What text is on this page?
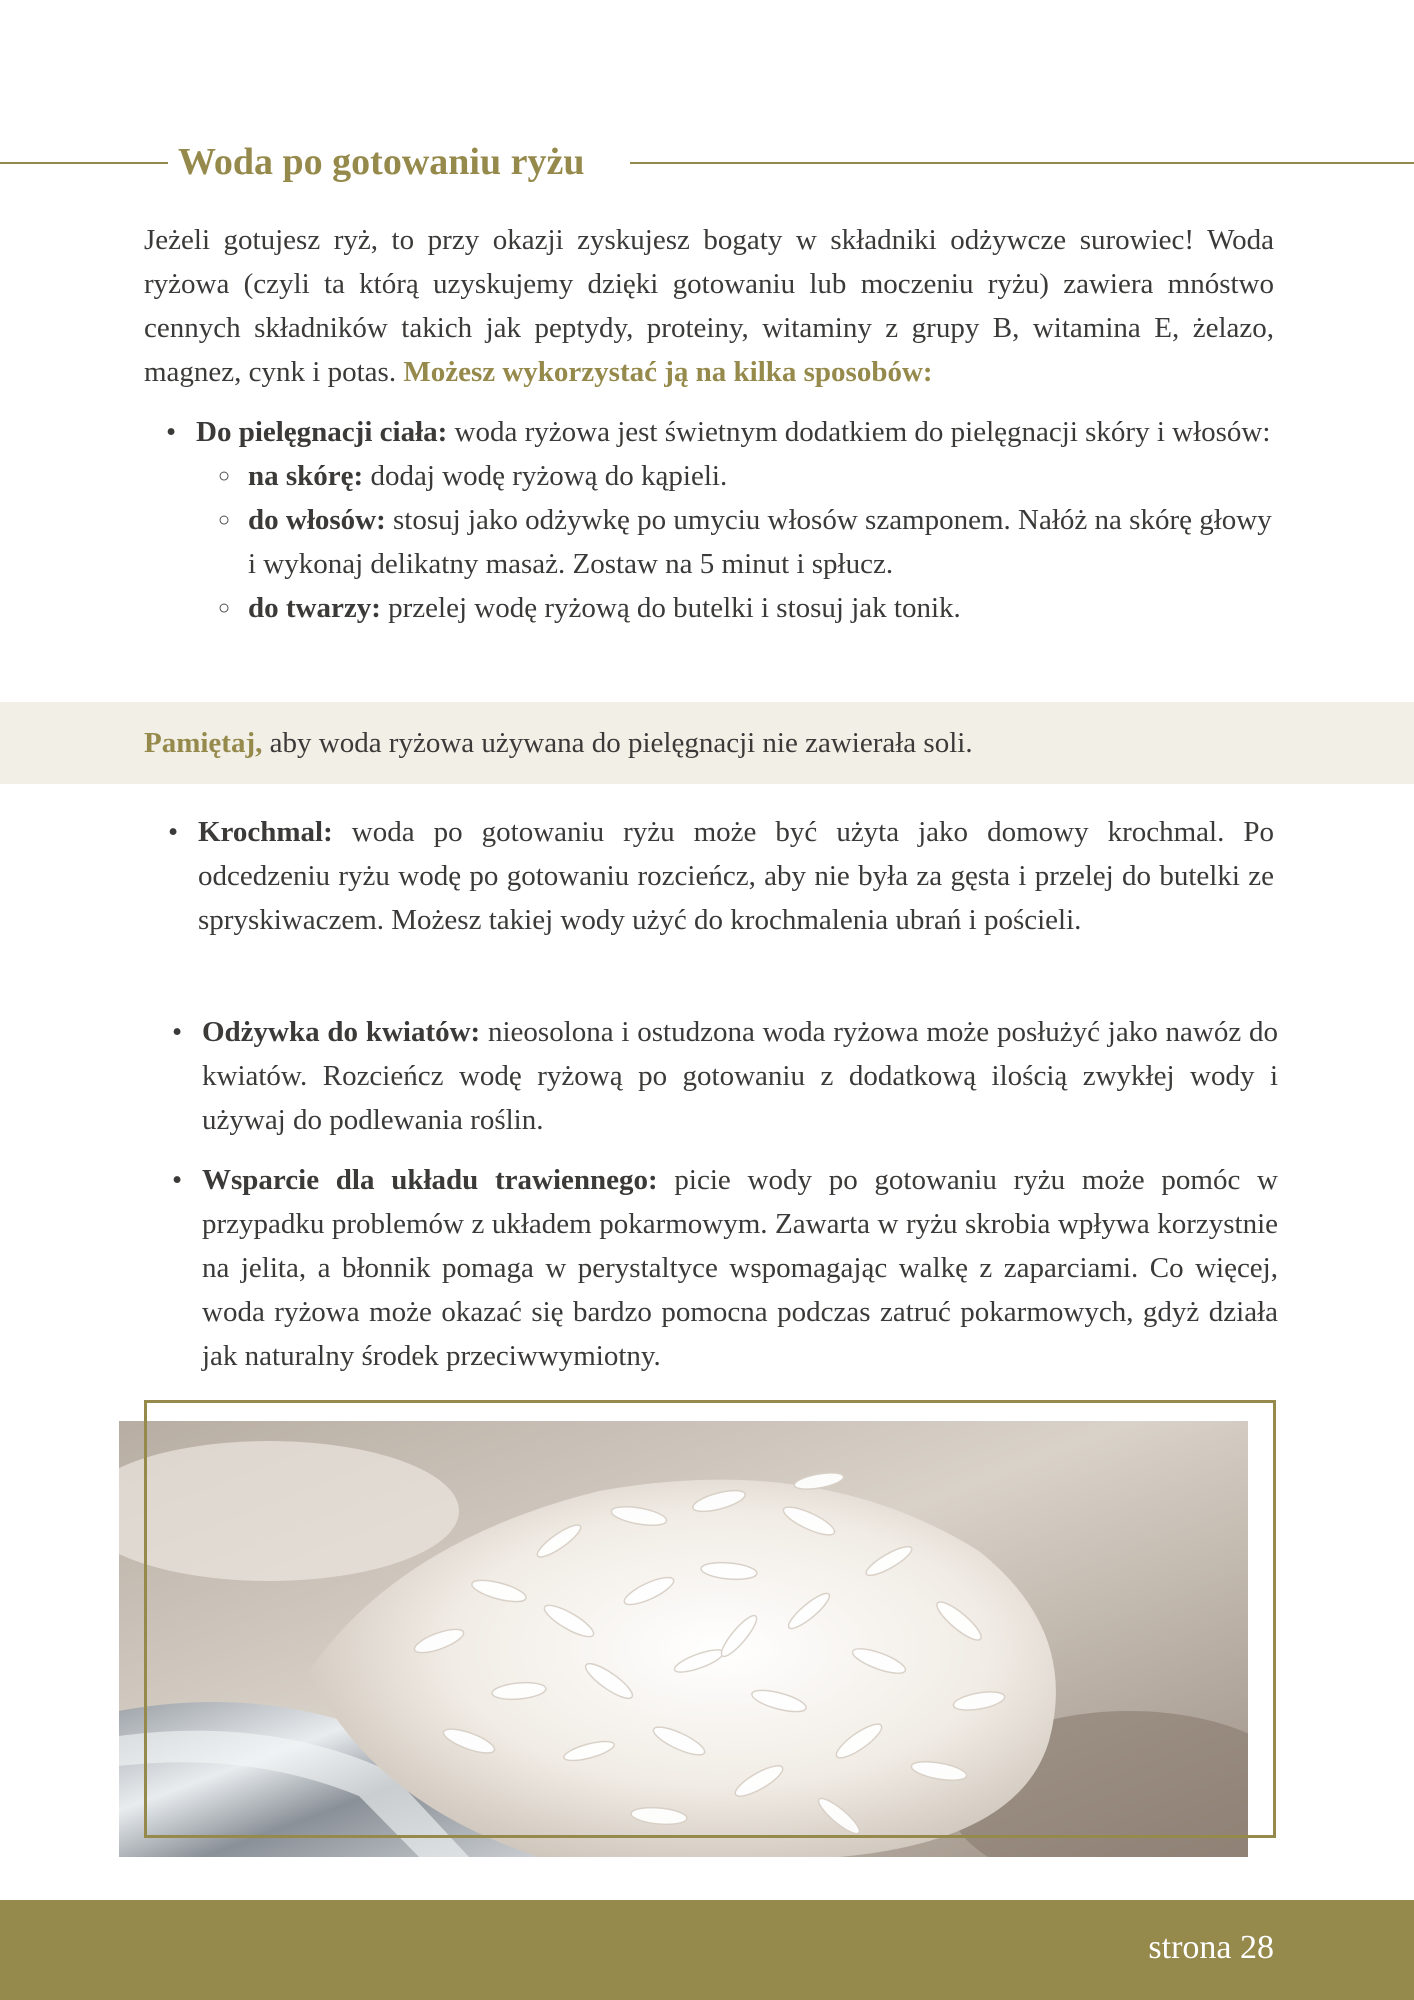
Woda po gotowaniu ryżu

Jeżeli gotujesz ryż, to przy okazji zyskujesz bogaty w składniki odżywcze surowiec! Woda ryżowa (czyli ta którą uzyskujemy dzięki gotowaniu lub moczeniu ryżu) zawiera mnóstwo cennych składników takich jak peptydy, proteiny, witaminy z grupy B, witamina E, żelazo, magnez, cynk i potas. Możesz wykorzystać ją na kilka sposobów:

• Do pielęgnacji ciała: woda ryżowa jest świetnym dodatkiem do pielęgnacji skóry i włosów:
○ na skórę: dodaj wodę ryżową do kąpieli.
○ do włosów: stosuj jako odżywkę po umyciu włosów szamponem. Nałóż na skórę głowy i wykonaj delikatny masaż. Zostaw na 5 minut i spłucz.
○ do twarzy: przelej wodę ryżową do butelki i stosuj jak tonik.

Pamiętaj, aby woda ryżowa używana do pielęgnacji nie zawierała soli.

• Krochmal: woda po gotowaniu ryżu może być użyta jako domowy krochmal. Po odcedzeniu ryżu wodę po gotowaniu rozcieńcz, aby nie była za gęsta i przelej do butelki ze spryskiwaczem. Możesz takiej wody użyć do krochmalenia ubrań i pościeli.
• Odżywka do kwiatów: nieosolona i ostudzona woda ryżowa może posłużyć jako nawóz do kwiatów. Rozcieńcz wodę ryżową po gotowaniu z dodatkową ilością zwykłej wody i używaj do podlewania roślin.
• Wsparcie dla układu trawiennego: picie wody po gotowaniu ryżu może pomóc w przypadku problemów z układem pokarmowym. Zawarta w ryżu skrobia wpływa korzystnie na jelita, a błonnik pomaga w perystaltyce wspomagając walkę z zaparciami. Co więcej, woda ryżowa może okazać się bardzo pomocna podczas zatruć pokarmowych, gdyż działa jak naturalny środek przeciwwymiotny.
strona 28
